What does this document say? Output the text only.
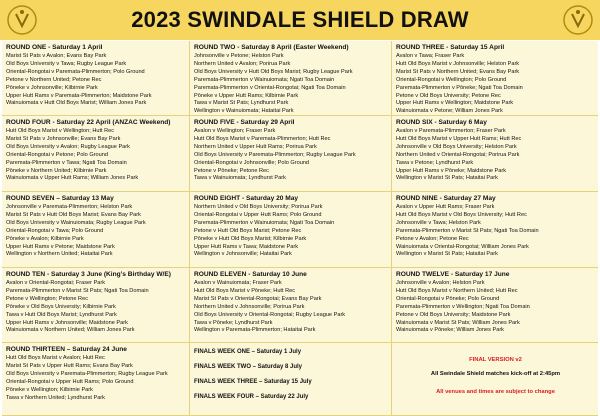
2023 SWINDALE SHIELD DRAW
ROUND ONE - Saturday 1 April
Marist St Pats v Avalon; Evans Bay Park
Old Boys University v Tawa; Rugby League Park
Oriental-Rongotai v Paremata-Plimmerton; Polo Ground
Petone v Northern United; Petone Rec
Pōneke v Johnsonville; Kilbirnie Park
Upper Hutt Rams v Paremata-Plimmerton; Maidstone Park
Wainuiomata v Hutt Old Boys Marist; William Jones Park
ROUND TWO - Saturday 8 April (Easter Weekend)
Johnsonville v Petone; Helston Park
Northern United v Avalon; Porirua Park
Old Boys University v Hutt Old Boys Marist; Rugby League Park
Paremata-Plimmerton v Wainuiomata; Ngati Toa Domain
Paremata-Plimmerton v Oriental-Rongotai; Ngati Toa Domain
Pōneke v Upper Hutt Rams; Kilbirnie Park
Tawa v Marist St Pats; Lyndhurst Park
Wellington v Wainuiomata; Hataitai Park
ROUND THREE - Saturday 15 April
Avalon v Tawa; Fraser Park
Hutt Old Boys Marist v Johnsonville; Helston Park
Marist St Pats v Northern United; Evans Bay Park
Oriental-Rongotai v Wellington; Polo Ground
Paremata-Plimmerton v Pōneke; Ngati Toa Domain
Petone v Old Boys University; Petone Rec
Upper Hutt Rams v Wellington; Maidstone Park
Wainuiomata v Petone; William Jones Park
ROUND FOUR - Saturday 22 April (ANZAC Weekend)
Hutt Old Boys Marist v Wellington; Hutt Rec
Marist St Pats v Johnsonville; Evans Bay Park
Old Boys University v Avalon; Rugby League Park
Oriental-Rongotai v Petone; Polo Ground
Paremata-Plimmerton v Tawa; Ngati Toa Domain
Pōneke v Northern United; Kilbirnie Park
Wainuiomata v Upper Hutt Rams; William Jones Park
ROUND FIVE - Saturday 29 April
Avalon v Wellington; Fraser Park
Hutt Old Boys Marist v Paremata-Plimmerton; Hutt Rec
Northern United v Upper Hutt Rams; Porirua Park
Old Boys University v Paremata-Plimmerton; Rugby League Park
Oriental-Rongotai v Johnsonville; Polo Ground
Petone v Pōneke; Petone Rec
Tawa v Wainuiomata; Lyndhurst Park
ROUND SIX - Saturday 6 May
Avalon v Paremata-Plimmerton; Fraser Park
Hutt Old Boys Marist v Upper Hutt Rams; Hutt Rec
Johnsonville v Old Boys University; Helston Park
Northern United v Oriental-Rongotai; Porirua Park
Tawa v Petone; Lyndhurst Park
Upper Hutt Rams v Pōneke; Maidstone Park
Wellington v Marist St Pats; Hataitai Park
ROUND SEVEN – Saturday 13 May
Johnsonville v Paremata-Plimmerton; Helston Park
Marist St Pats v Hutt Old Boys Marist; Evans Bay Park
Old Boys University v Wainuiomata; Rugby League Park
Oriental-Rongotai v Tawa; Polo Ground
Pōneke v Avalon; Kilbirnie Park
Upper Hutt Rams v Petone; Maidstone Park
Wellington v Northern United; Hataitai Park
ROUND EIGHT - Saturday 20 May
Northern United v Old Boys University; Porirua Park
Oriental-Rongotai v Upper Hutt Rams; Polo Ground
Paremata-Plimmerton v Wainuiomata; Ngati Toa Domain
Petone v Hutt Old Boys Marist; Petone Rec
Pōneke v Hutt Old Boys Marist; Kilbirnie Park
Upper Hutt Rams v Tawa; Maidstone Park
Wellington v Johnsonville; Hataitai Park
ROUND NINE - Saturday 27 May
Avalon v Upper Hutt Rams; Fraser Park
Hutt Old Boys Marist v Old Boys University; Hutt Rec
Johnsonville v Tawa; Helston Park
Paremata-Plimmerton v Marist St Pats; Ngati Toa Domain
Petone v Avalon; Petone Rec
Wainuiomata v Oriental-Rongotai; William Jones Park
Wellington v Marist St Pats; Hataitai Park
ROUND TEN - Saturday 3 June (King’s Birthday W/E)
Avalon v Oriental-Rongotai; Fraser Park
Paremata-Plimmerton v Marist St Pats; Ngati Toa Domain
Petone v Wellington; Petone Rec
Pōneke v Old Boys University; Kilbirnie Park
Tawa v Hutt Old Boys Marist; Lyndhurst Park
Upper Hutt Rams v Johnsonville; Maidstone Park
Wainuiomata v Northern United; William Jones Park
ROUND ELEVEN - Saturday 10 June
Avalon v Wainuiomata; Fraser Park
Hutt Old Boys Marist v Pōneke; Hutt Rec
Marist St Pats v Oriental-Rongotai; Evans Bay Park
Northern United v Johnsonville; Porirua Park
Old Boys University v Oriental-Rongotai; Rugby League Park
Tawa v Pōneke; Lyndhurst Park
Wellington v Paremata-Plimmerton; Hataitai Park
ROUND TWELVE - Saturday 17 June
Johnsonville v Avalon; Helston Park
Hutt Old Boys Marist v Northern United; Hutt Rec
Oriental-Rongotai v Pōneke; Polo Ground
Paremata-Plimmerton v Wellington; Ngati Toa Domain
Petone v Old Boys University; Maidstone Park
Wainuiomata v Marist St Pats; William Jones Park
Wainuiomata v Pōneke; William Jones Park
ROUND THIRTEEN – Saturday 24 June
Hutt Old Boys Marist v Avalon; Hutt Rec
Marist St Pats v Upper Hutt Rams; Evans Bay Park
Old Boys University v Paremata-Plimmerton; Rugby League Park
Oriental-Rongotai v Upper Hutt Rams; Polo Ground
Pōneke v Wellington; Kilbirnie Park
Tawa v Northern United; Lyndhurst Park
FINALS WEEK ONE – Saturday 1 July
FINALS WEEK TWO – Saturday 8 July
FINALS WEEK THREE – Saturday 15 July
FINALS WEEK FOUR – Saturday 22 July
FINAL VERSION v2
All Swindale Shield matches kick-off at 2:45pm
All venues and times are subject to change
